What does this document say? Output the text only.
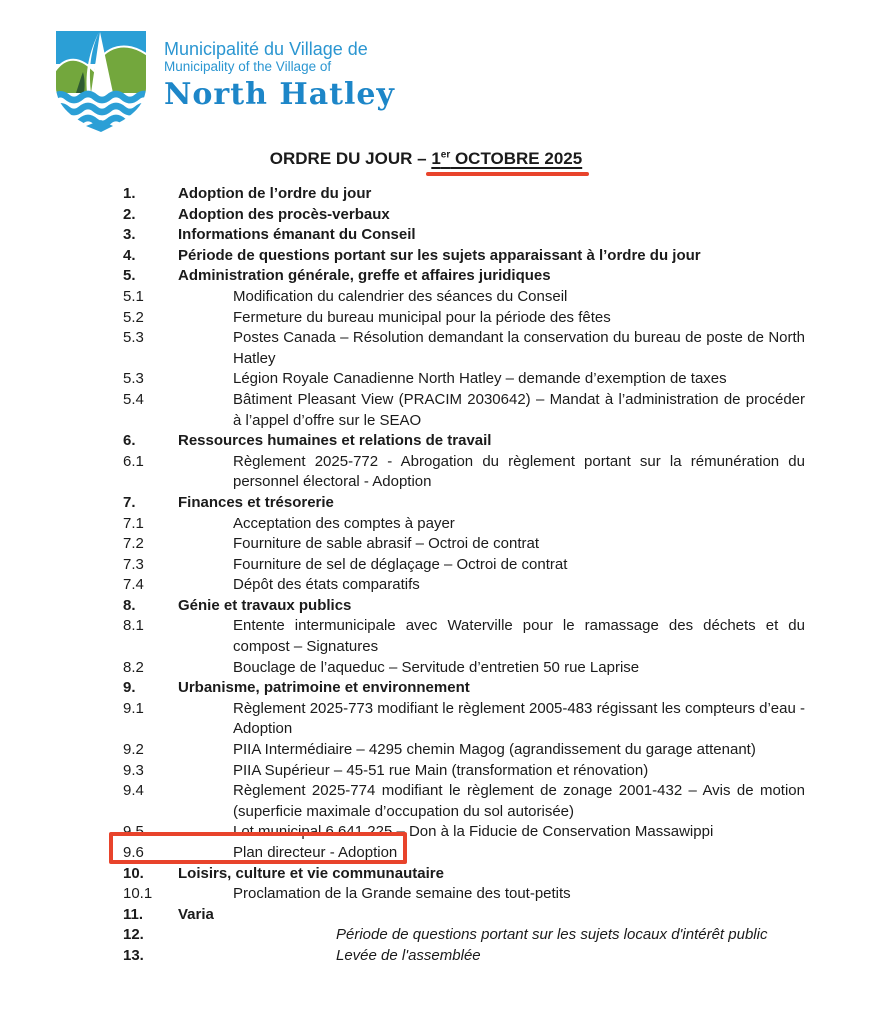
Municipalité du Village de
Municipality of the Village of
North Hatley
ORDRE DU JOUR – 1er OCTOBRE 2025
1.	Adoption de l’ordre du jour
2.	Adoption des procès-verbaux
3.	Informations émanant du Conseil
4.	Période de questions portant sur les sujets apparaissant à l’ordre du jour
5.	Administration générale, greffe et affaires juridiques
5.1	Modification du calendrier des séances du Conseil
5.2	Fermeture du bureau municipal pour la période des fêtes
5.3	Postes Canada – Résolution demandant la conservation du bureau de poste de North Hatley
5.3	Légion Royale Canadienne North Hatley – demande d’exemption de taxes
5.4	Bâtiment Pleasant View (PRACIM 2030642) – Mandat à l’administration de procéder à l’appel d’offre sur le SEAO
6.	Ressources humaines et relations de travail
6.1	Règlement 2025-772 - Abrogation du règlement portant sur la rémunération du personnel électoral - Adoption
7.	Finances et trésorerie
7.1	Acceptation des comptes à payer
7.2	Fourniture de sable abrasif – Octroi de contrat
7.3	Fourniture de sel de déglaçage – Octroi de contrat
7.4	Dépôt des états comparatifs
8.	Génie et travaux publics
8.1	Entente intermunicipale avec Waterville pour le ramassage des déchets et du compost – Signatures
8.2	Bouclage de l’aqueduc – Servitude d’entretien 50 rue Laprise
9.	Urbanisme, patrimoine et environnement
9.1	Règlement 2025-773 modifiant le règlement 2005-483 régissant les compteurs d’eau - Adoption
9.2	PIIA Intermédiaire – 4295 chemin Magog (agrandissement du garage attenant)
9.3	PIIA Supérieur – 45-51 rue Main (transformation et rénovation)
9.4	Règlement 2025-774 modifiant le règlement de zonage 2001-432 – Avis de motion (superficie maximale d’occupation du sol autorisée)
9.5	Lot municipal 6 641 225 – Don à la Fiducie de Conservation Massawippi
9.6	Plan directeur - Adoption
10.	Loisirs, culture et vie communautaire
10.1	Proclamation de la Grande semaine des tout-petits
11.	Varia
12.	Période de questions portant sur les sujets locaux d'intérêt public
13.	Levée de l'assemblée
